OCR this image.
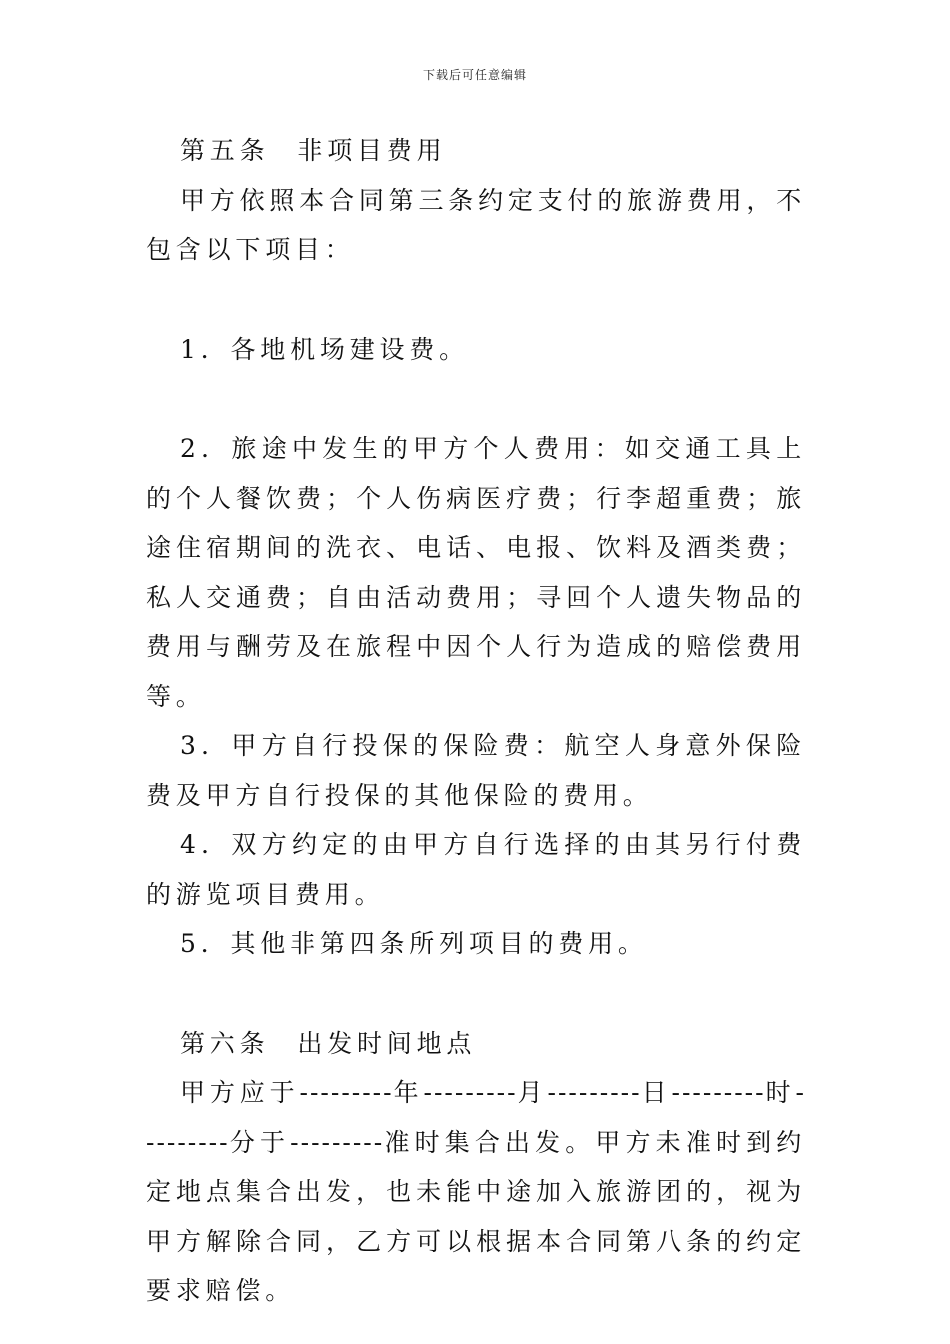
下载后可任意编辑

第五条 非项目费用

甲方依照本合同第三条约定支付的旅游费用，不包含以下项目：

1．各地机场建设费。

2．旅途中发生的甲方个人费用：如交通工具上的个人餐饮费；个人伤病医疗费；行李超重费；旅途住宿期间的洗衣、电话、电报、饮料及酒类费；私人交通费；自由活动费用；寻回个人遗失物品的费用与酬劳及在旅程中因个人行为造成的赔偿费用等。

3．甲方自行投保的保险费：航空人身意外保险费及甲方自行投保的其他保险的费用。

4．双方约定的由甲方自行选择的由其另行付费的游览项目费用。

5．其他非第四条所列项目的费用。

第六条 出发时间地点

甲方应于---------年---------月---------日---------时---------分于---------准时集合出发。甲方未准时到约定地点集合出发，也未能中途加入旅游团的，视为甲方解除合同，乙方可以根据本合同第八条的约定要求赔偿。
